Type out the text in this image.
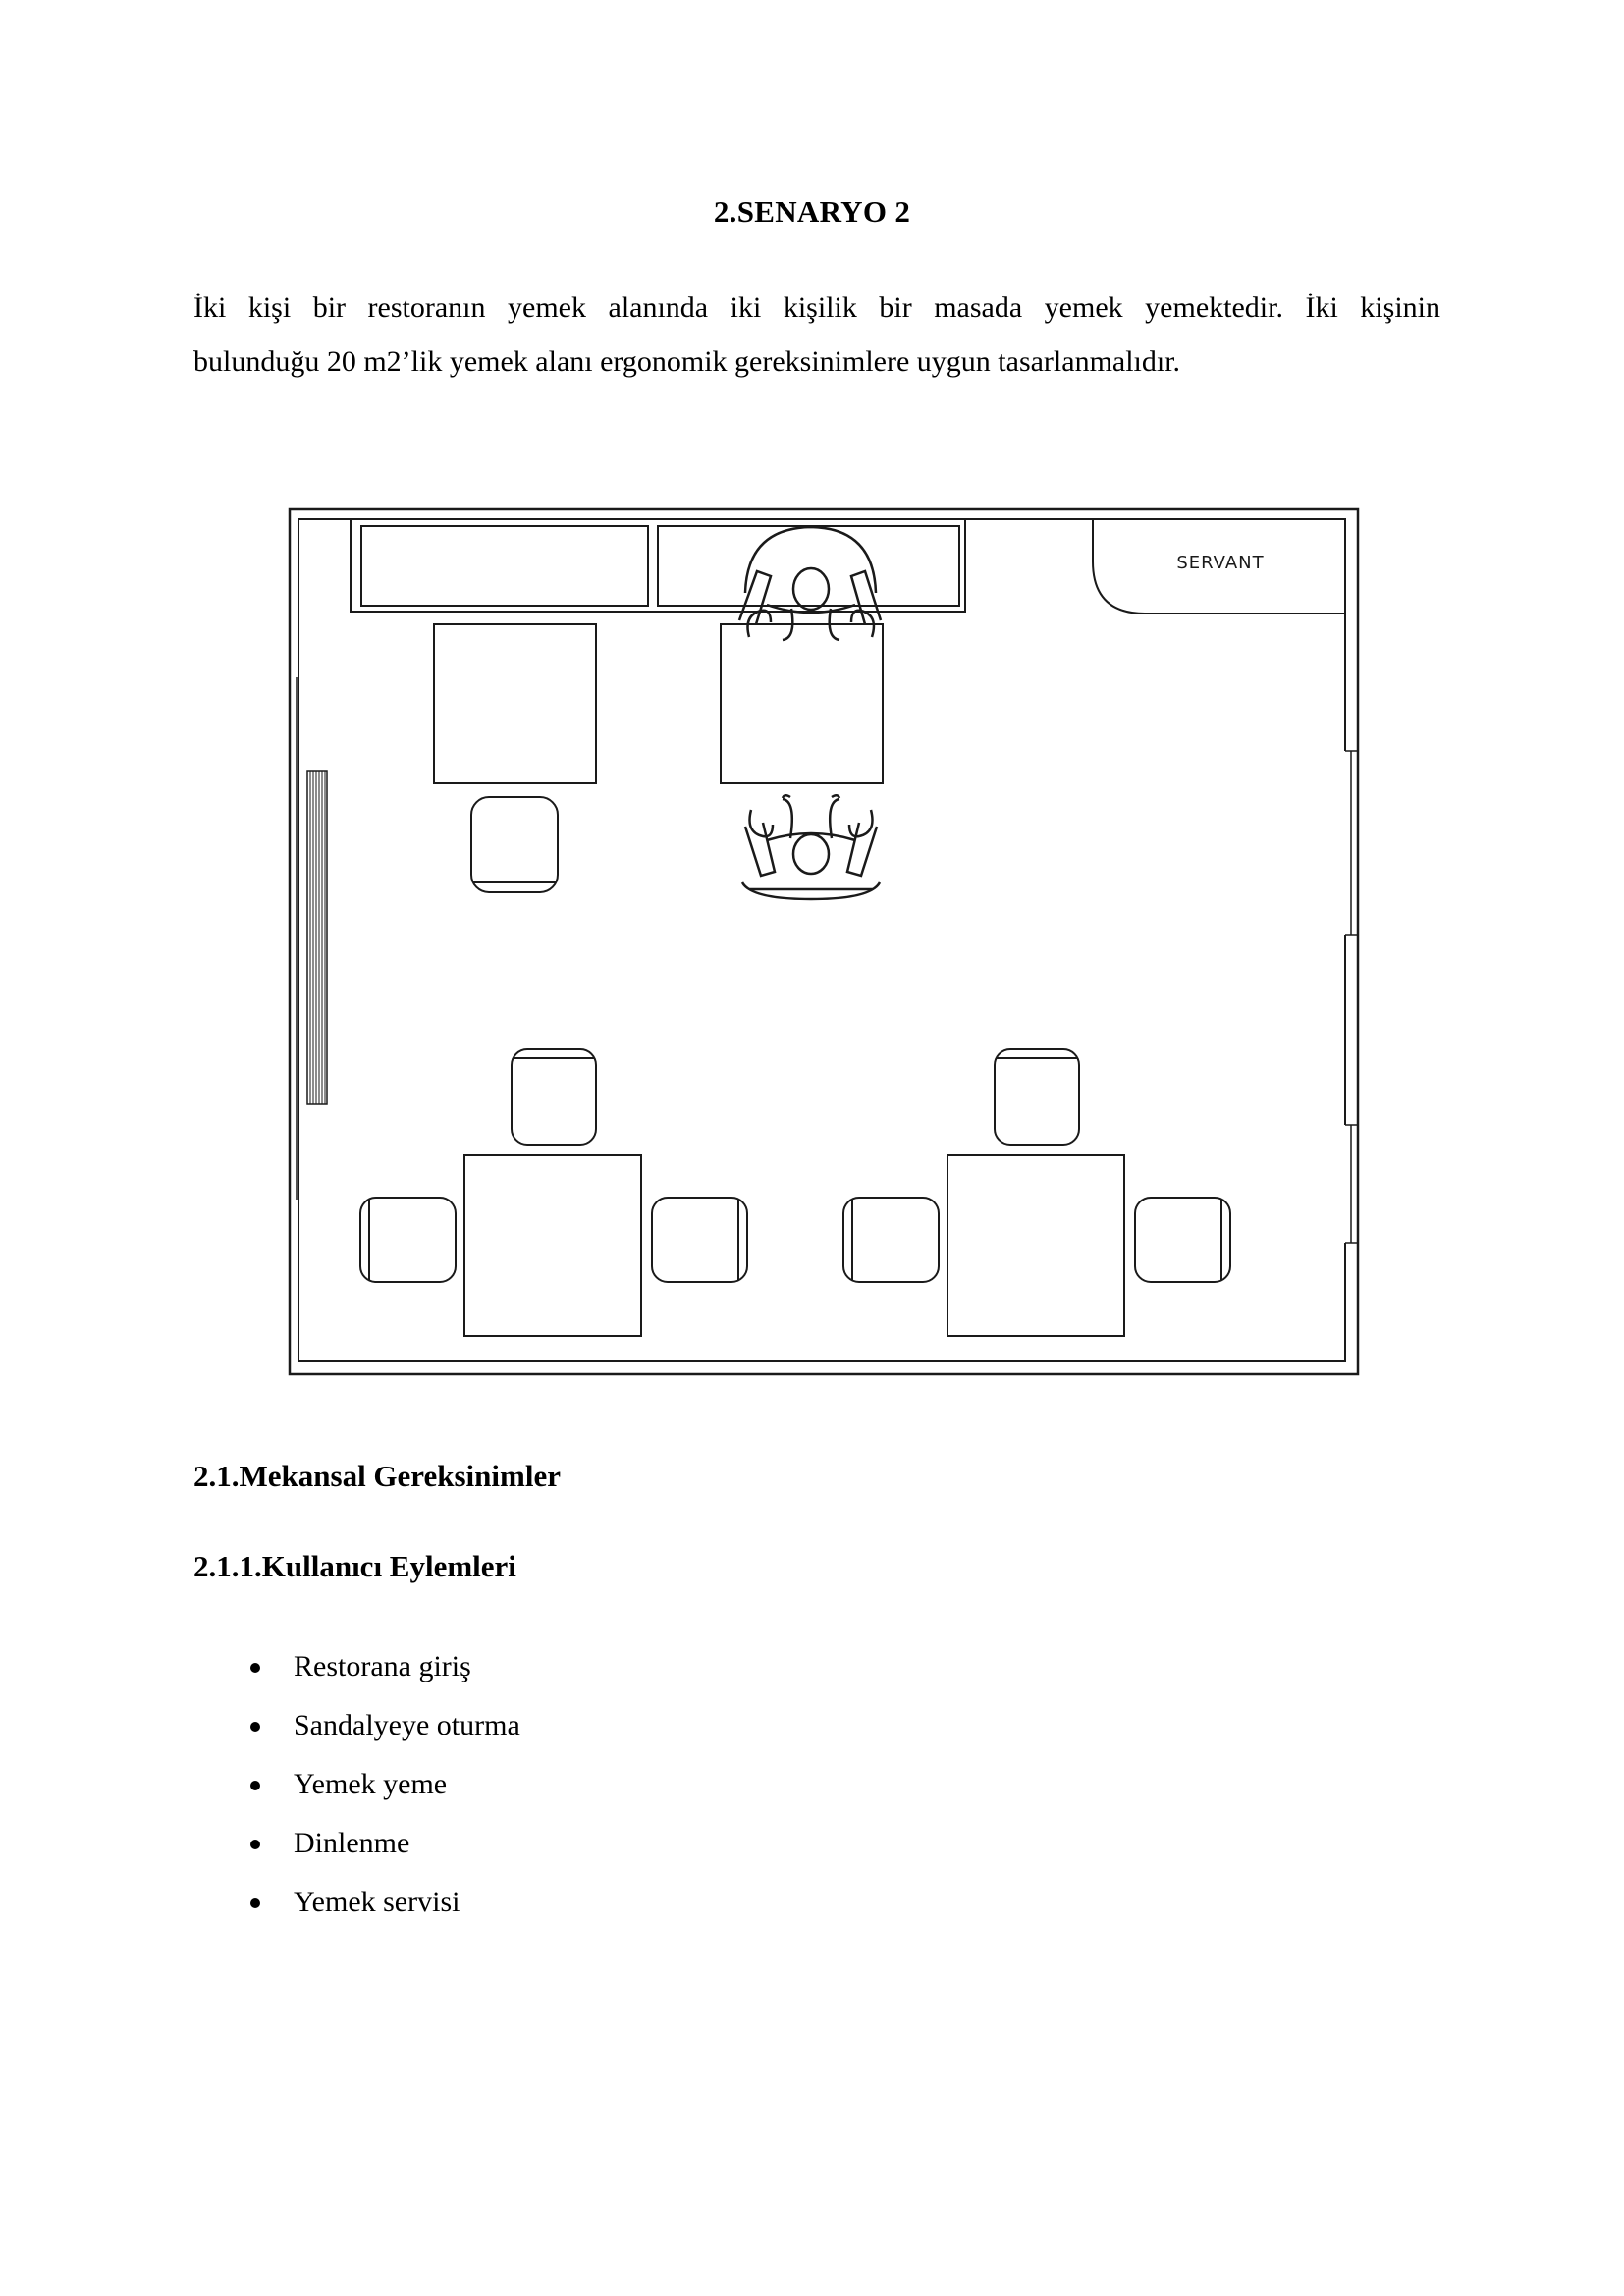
2.SENARYO 2

İki kişi bir restoranın yemek alanında iki kişilik bir masada yemek yemektedir. İki kişinin

bulunduğu 20 m2’lik yemek alanı ergonomik gereksinimlere uygun tasarlanmalıdır.

SERVANT
2.1.Mekansal Gereksinimler
2.1.1.Kullanıcı Eylemleri
Restorana giriş
Sandalyeye oturma
Yemek yeme
Dinlenme
Yemek servisi
